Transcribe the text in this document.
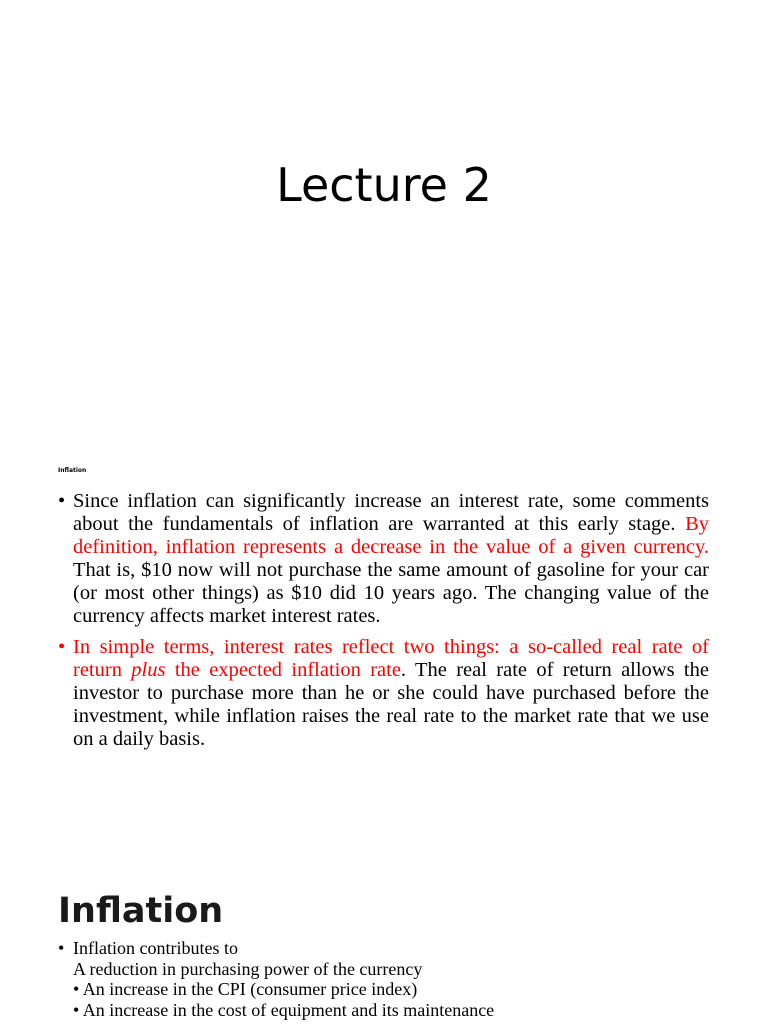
Lecture 2
Inflation
• Since inflation can significantly increase an interest rate, some comments about the fundamentals of inflation are warranted at this early stage. By definition, inflation represents a decrease in the value of a given currency. That is, $10 now will not purchase the same amount of gasoline for your car (or most other things) as $10 did 10 years ago. The changing value of the currency affects market interest rates.
• In simple terms, interest rates reflect two things: a so-called real rate of return plus the expected inflation rate. The real rate of return allows the investor to purchase more than he or she could have purchased before the investment, while inflation raises the real rate to the market rate that we use on a daily basis.
Inflation
• Inflation contributes to
A reduction in purchasing power of the currency
• An increase in the CPI (consumer price index)
• An increase in the cost of equipment and its maintenance
